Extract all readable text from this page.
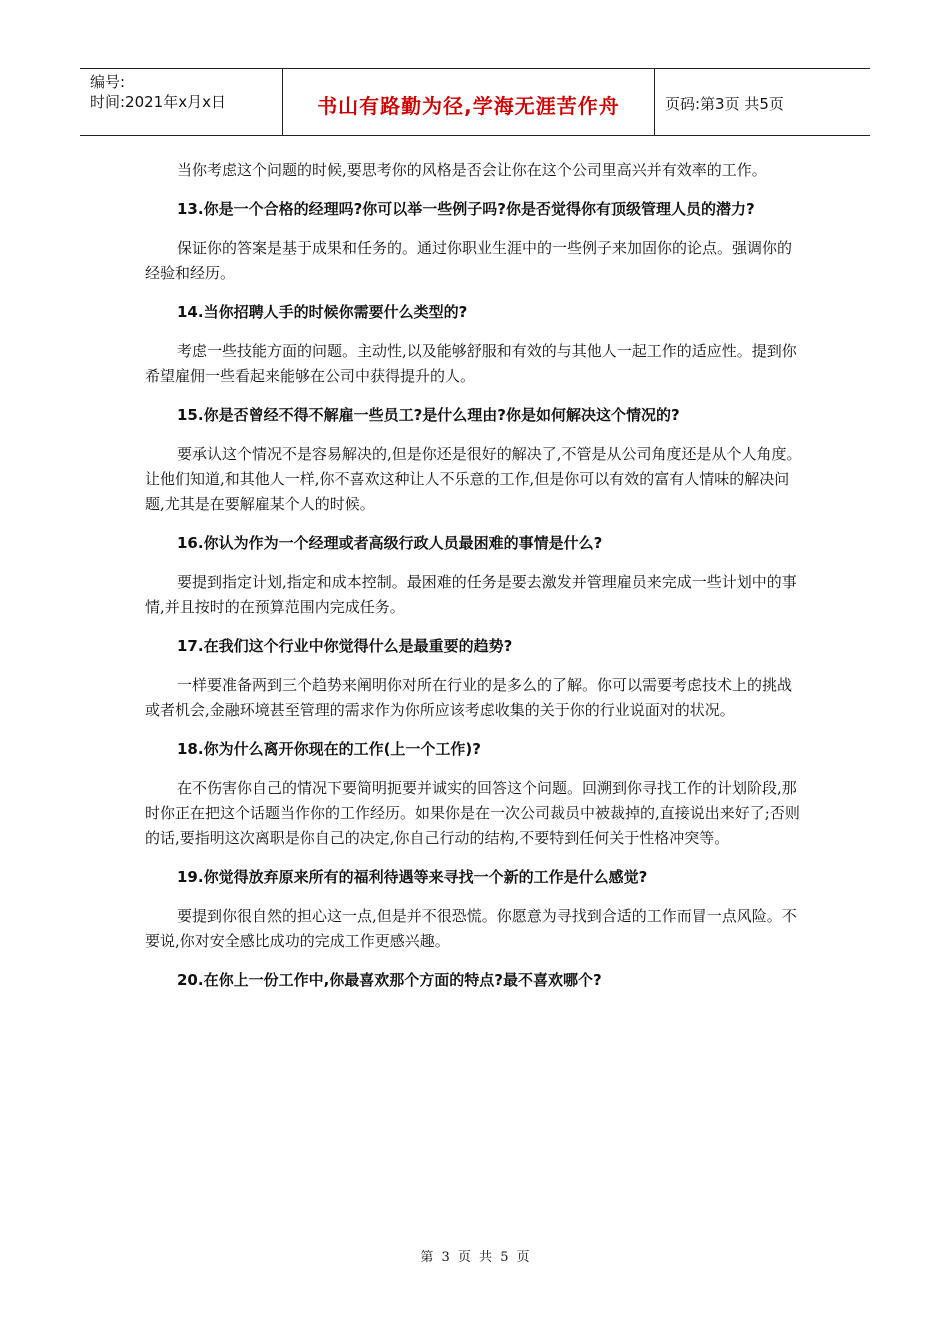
编号:
时间:2021年x月x日	书山有路勤为径,学海无涯苦作舟	页码:第3页 共5页

当你考虑这个问题的时候,要思考你的风格是否会让你在这个公司里高兴并有效率的工作。

13.你是一个合格的经理吗?你可以举一些例子吗?你是否觉得你有顶级管理人员的潜力?

保证你的答案是基于成果和任务的。通过你职业生涯中的一些例子来加固你的论点。强调你的经验和经历。

14.当你招聘人手的时候你需要什么类型的?

考虑一些技能方面的问题。主动性,以及能够舒服和有效的与其他人一起工作的适应性。提到你希望雇佣一些看起来能够在公司中获得提升的人。

15.你是否曾经不得不解雇一些员工?是什么理由?你是如何解决这个情况的?

要承认这个情况不是容易解决的,但是你还是很好的解决了,不管是从公司角度还是从个人角度。让他们知道,和其他人一样,你不喜欢这种让人不乐意的工作,但是你可以有效的富有人情味的解决问题,尤其是在要解雇某个人的时候。

16.你认为作为一个经理或者高级行政人员最困难的事情是什么?

要提到指定计划,指定和成本控制。最困难的任务是要去激发并管理雇员来完成一些计划中的事情,并且按时的在预算范围内完成任务。

17.在我们这个行业中你觉得什么是最重要的趋势?

一样要准备两到三个趋势来阐明你对所在行业的是多么的了解。你可以需要考虑技术上的挑战或者机会,金融环境甚至管理的需求作为你所应该考虑收集的关于你的行业说面对的状况。

18.你为什么离开你现在的工作(上一个工作)?

在不伤害你自己的情况下要简明扼要并诚实的回答这个问题。回溯到你寻找工作的计划阶段,那时你正在把这个话题当作你的工作经历。如果你是在一次公司裁员中被裁掉的,直接说出来好了;否则的话,要指明这次离职是你自己的决定,你自己行动的结构,不要特到任何关于性格冲突等。

19.你觉得放弃原来所有的福利待遇等来寻找一个新的工作是什么感觉?

要提到你很自然的担心这一点,但是并不很恐慌。你愿意为寻找到合适的工作而冒一点风险。不要说,你对安全感比成功的完成工作更感兴趣。

20.在你上一份工作中,你最喜欢那个方面的特点?最不喜欢哪个?

第 3 页 共 5 页
